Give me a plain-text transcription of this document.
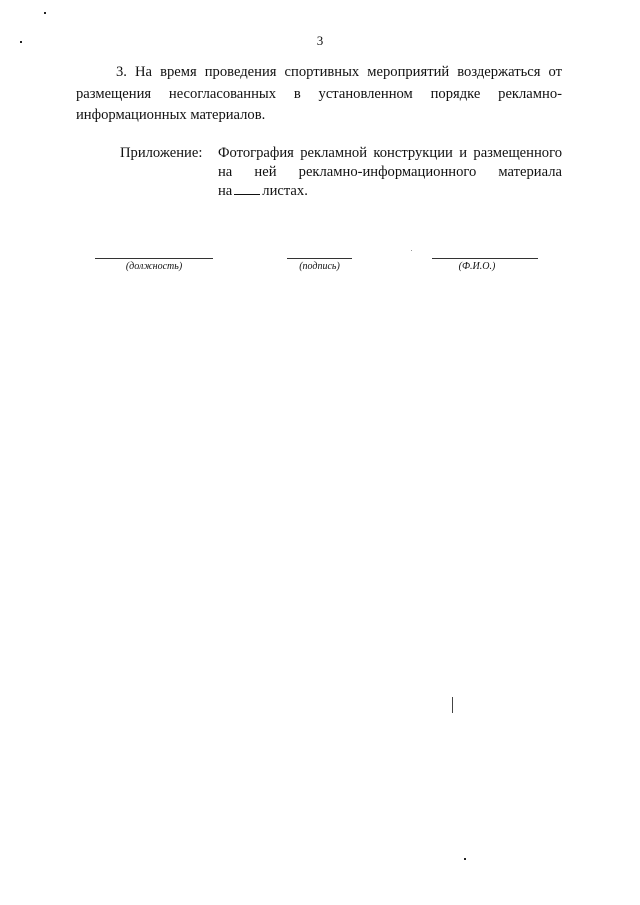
3

3. На время проведения спортивных мероприятий воздержаться от размещения несогласованных в установленном порядке рекламно-информационных материалов.

Приложение:	Фотография рекламной конструкции и размещенного
на ней рекламно-информационного материала
на листах.
(должность)	(подпись)	(Ф.И.О.)
